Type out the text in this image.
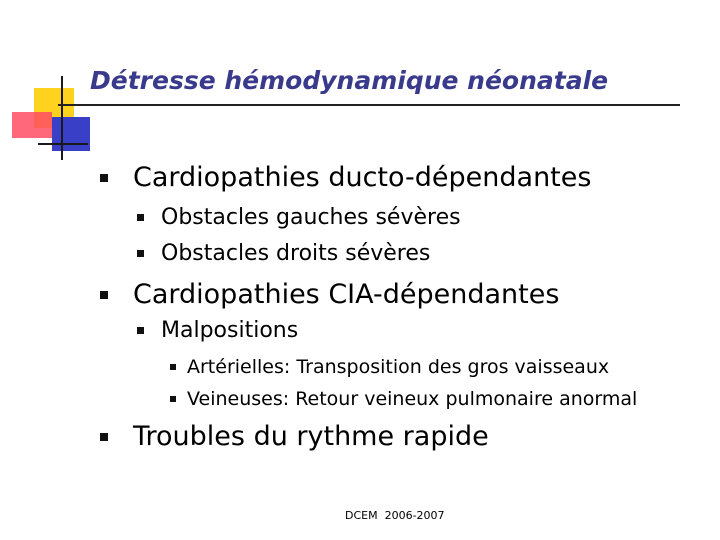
Détresse hémodynamique néonatale
Cardiopathies ducto-dépendantes
Obstacles gauches sévères
Obstacles droits sévères
Cardiopathies CIA-dépendantes
Malpositions
Artérielles: Transposition des gros vaisseaux
Veineuses: Retour veineux pulmonaire anormal
Troubles du rythme rapide
DCEM  2006-2007
